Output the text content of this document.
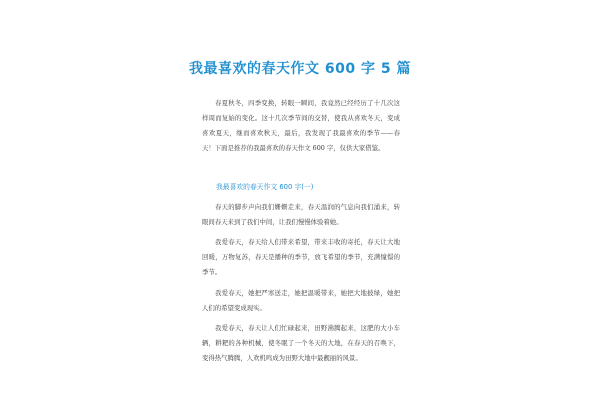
我最喜欢的春天作文 600 字 5 篇
春夏秋冬，四季变换，转眼一瞬间，我竟然已经经历了十几次这样周而复始的变化。这十几次季节间的交替，使我从喜欢冬天，变成喜欢夏天，继而喜欢秋天，最后，我发现了我最喜欢的季节——春天！下面是推荐的我最喜欢的春天作文 600 字，仅供大家借鉴。
我最喜欢的春天作文 600 字(一)
春天的脚步声向我们姗姗走来，春天温润的气息向我们涌来，转眼间春天来到了我们中间，让我们慢慢体验着她。
我爱春天，春天给人们带来希望，带来丰收的寄托，春天让大地回暖，万物复苏，春天是播种的季节，放飞希望的季节，充满憧憬的季节。
我爱春天，她把严寒送走，她把温暖带来，她把大地披绿，她把人们的希望变成现实。
我爱春天，春天让人们忙碌起来，田野沸腾起来，这肥的大小车辆，耕耙的各种机械，使冬眠了一个冬天的大地，在春天的召唤下，变得热气腾腾，人欢机鸣成为田野大地中最靓丽的风景。
